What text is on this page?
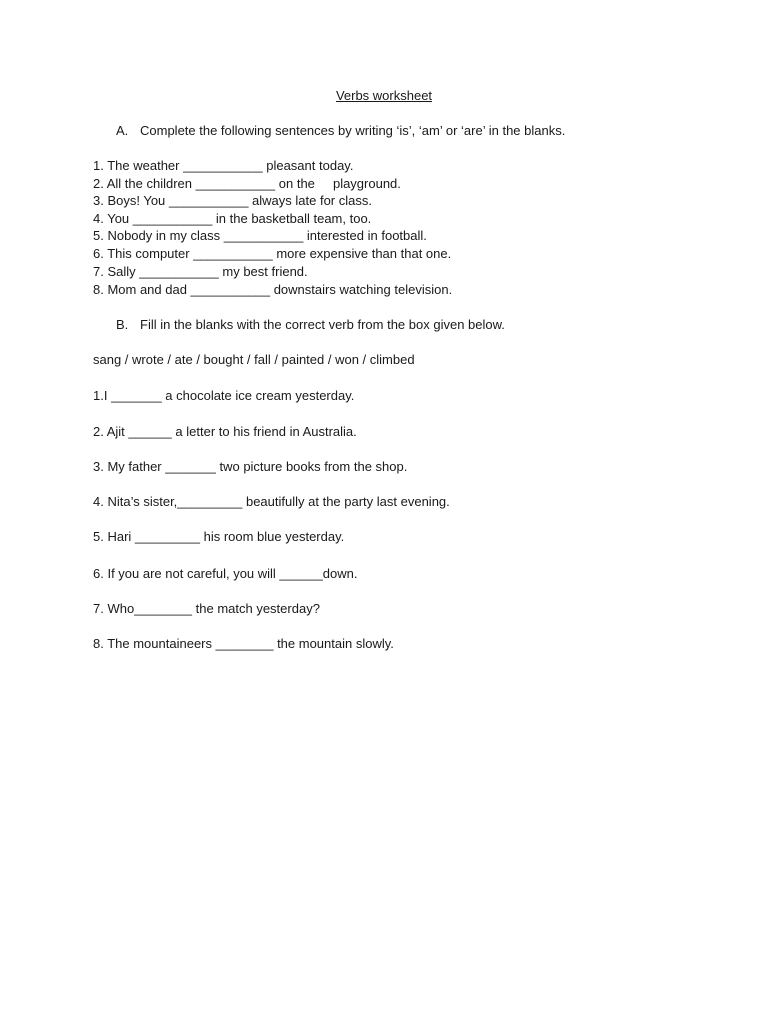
Verbs worksheet
A. Complete the following sentences by writing ‘is’, ‘am’ or ‘are’ in the blanks.
1. The weather ___________ pleasant today.
2. All the children ___________ on the     playground.
3. Boys! You ___________ always late for class.
4. You ___________ in the basketball team, too.
5. Nobody in my class ___________ interested in football.
6. This computer ___________ more expensive than that one.
7. Sally ___________ my best friend.
8. Mom and dad ___________ downstairs watching television.
B. Fill in the blanks with the correct verb from the box given below.
sang / wrote / ate / bought / fall / painted / won / climbed
1.I _______ a chocolate ice cream yesterday.
2. Ajit ______ a letter to his friend in Australia.
3. My father _______ two picture books from the shop.
4. Nita’s sister,_________ beautifully at the party last evening.
5. Hari _________ his room blue yesterday.
6. If you are not careful, you will ______down.
7. Who________ the match yesterday?
8. The mountaineers ________ the mountain slowly.
